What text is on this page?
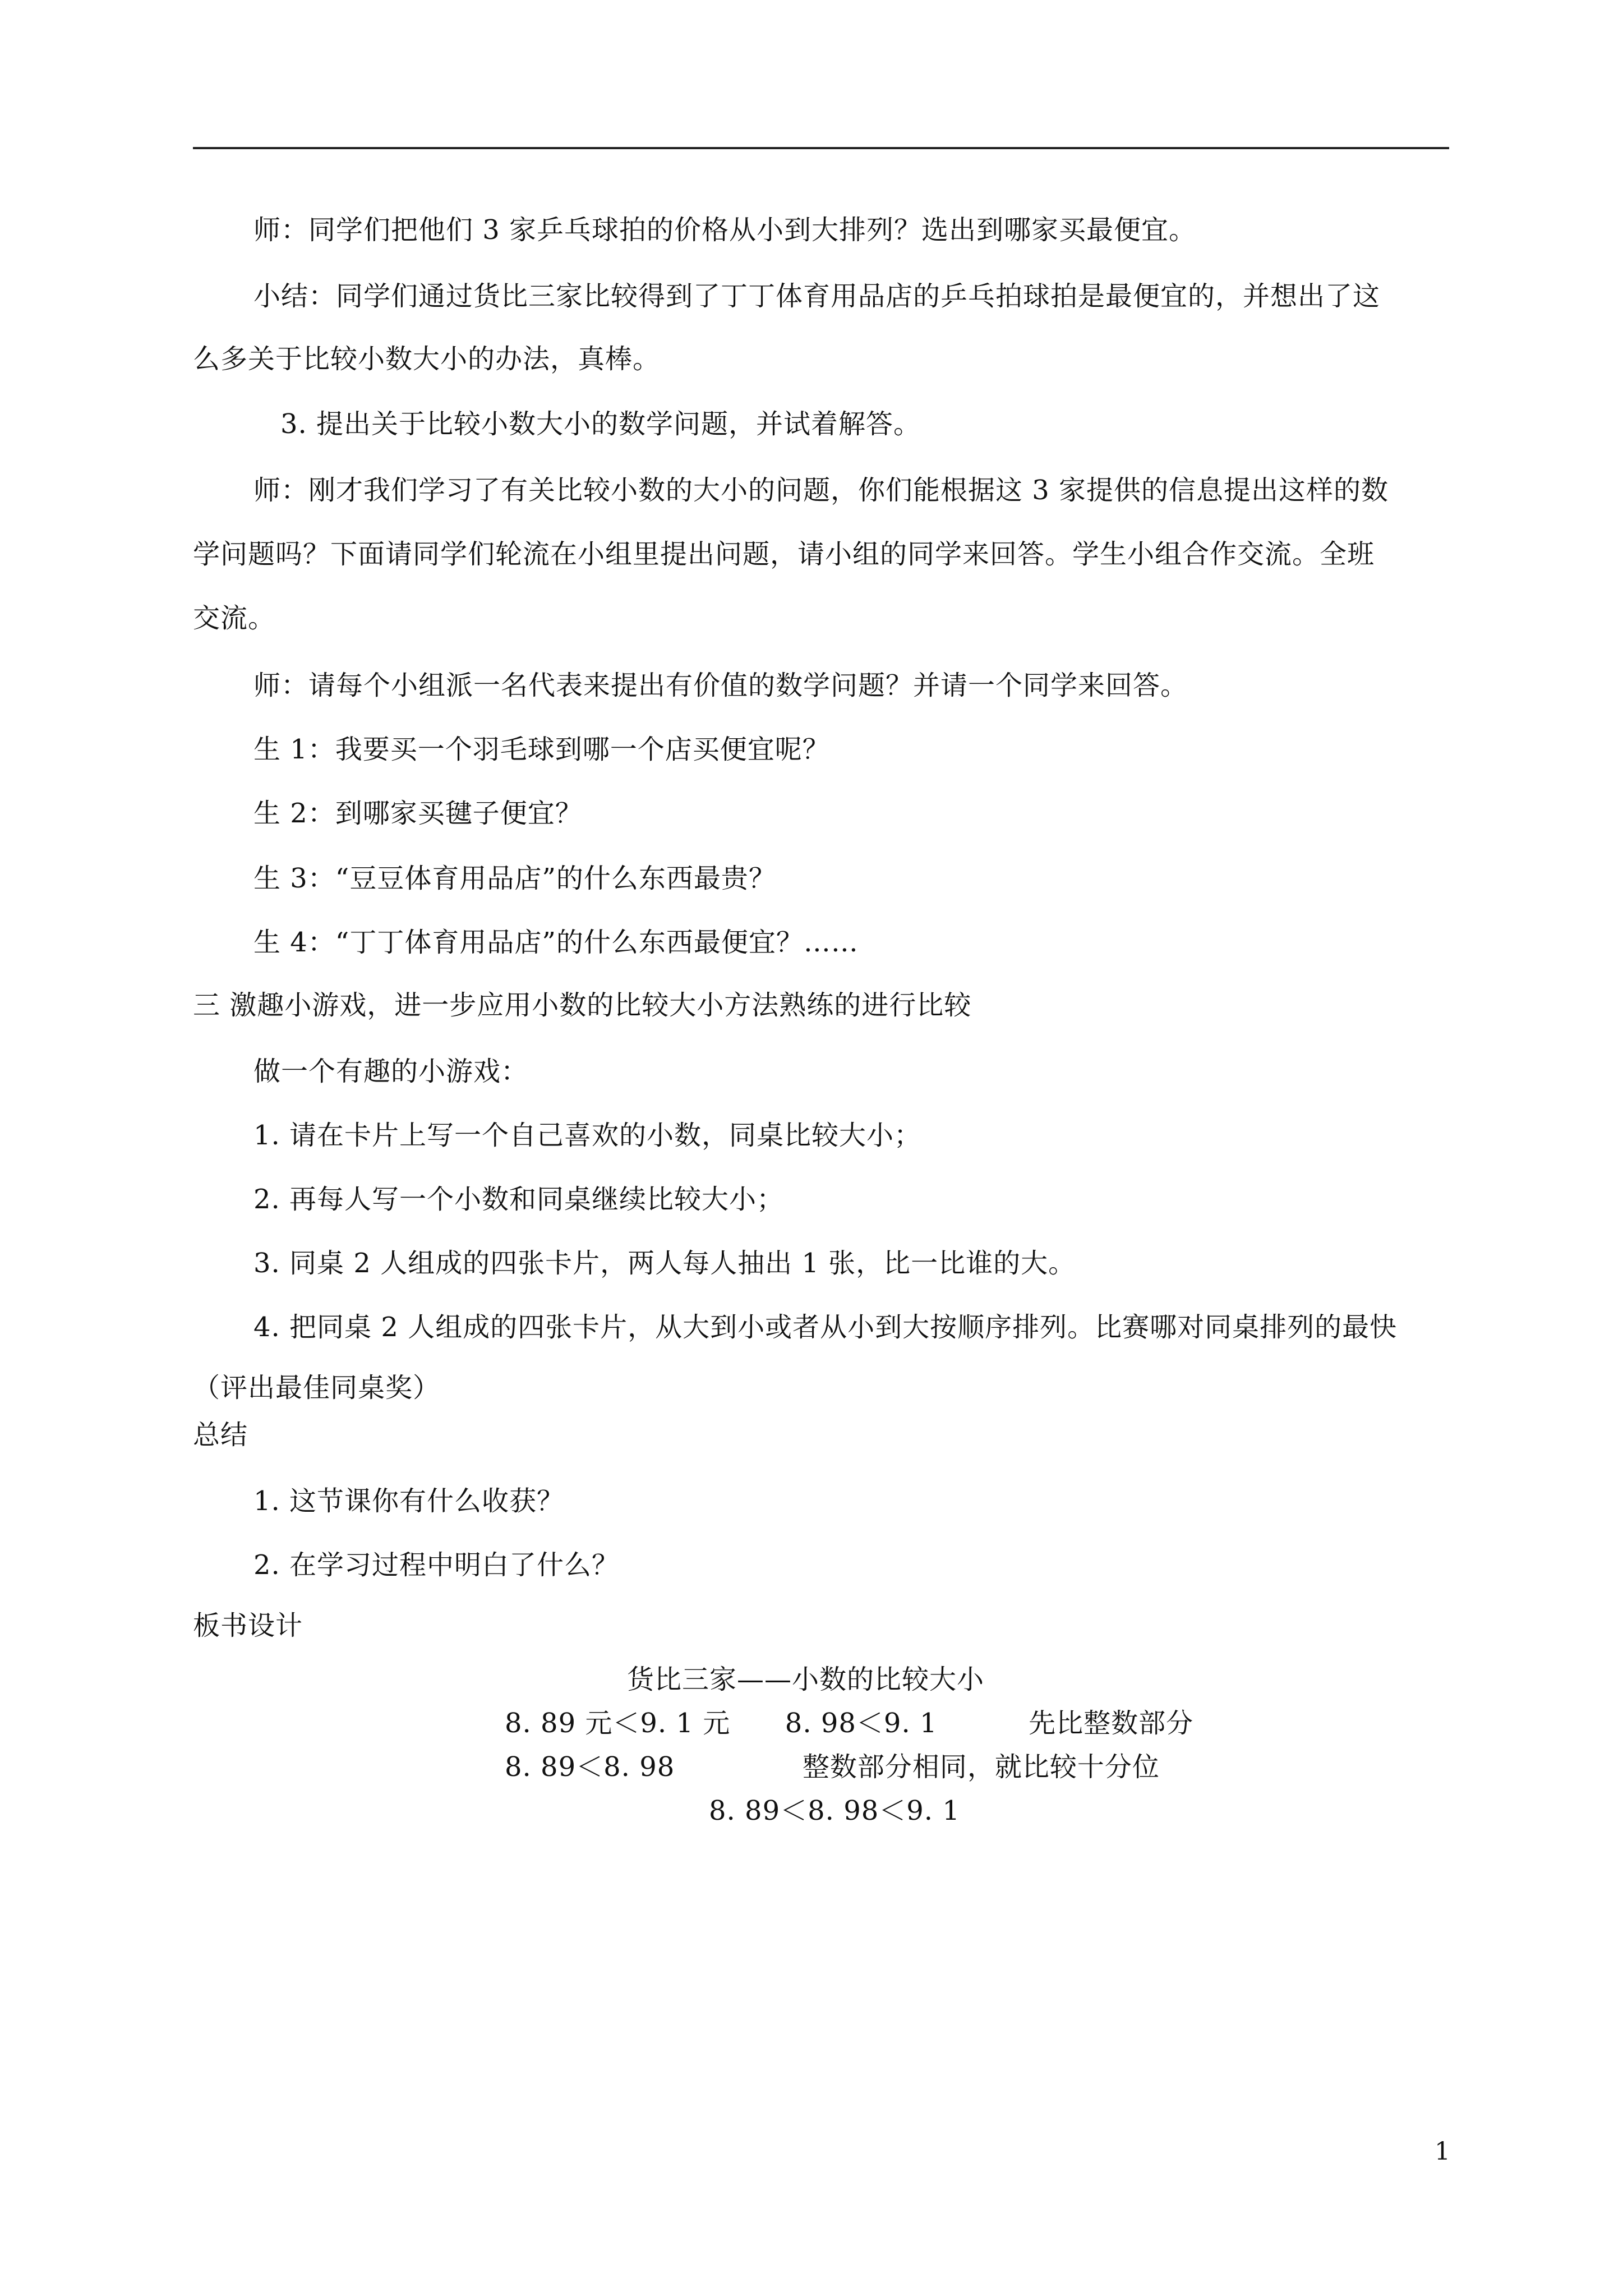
师：同学们把他们 3 家乒乓球拍的价格从小到大排列？选出到哪家买最便宜。
小结：同学们通过货比三家比较得到了丁丁体育用品店的乒乓拍球拍是最便宜的，并想出了这
么多关于比较小数大小的办法，真棒。
3. 提出关于比较小数大小的数学问题，并试着解答。
师：刚才我们学习了有关比较小数的大小的问题，你们能根据这 3 家提供的信息提出这样的数
学问题吗？下面请同学们轮流在小组里提出问题，请小组的同学来回答。学生小组合作交流。全班
交流。
师：请每个小组派一名代表来提出有价值的数学问题？并请一个同学来回答。
生 1：我要买一个羽毛球到哪一个店买便宜呢？
生 2：到哪家买毽子便宜？
生 3：“豆豆体育用品店”的什么东西最贵？
生 4：“丁丁体育用品店”的什么东西最便宜？……
三 激趣小游戏，进一步应用小数的比较大小方法熟练的进行比较
做一个有趣的小游戏：
1. 请在卡片上写一个自己喜欢的小数，同桌比较大小；
2. 再每人写一个小数和同桌继续比较大小；
3. 同桌 2 人组成的四张卡片，两人每人抽出 1 张，比一比谁的大。
4. 把同桌 2 人组成的四张卡片，从大到小或者从小到大按顺序排列。比赛哪对同桌排列的最快
（评出最佳同桌奖）
总结
1. 这节课你有什么收获？
2. 在学习过程中明白了什么？
板书设计
货比三家——小数的比较大小
8. 89 元＜9. 1 元      8. 98＜9. 1          先比整数部分
8. 89＜8. 98              整数部分相同，就比较十分位
8. 89＜8. 98＜9. 1
1
